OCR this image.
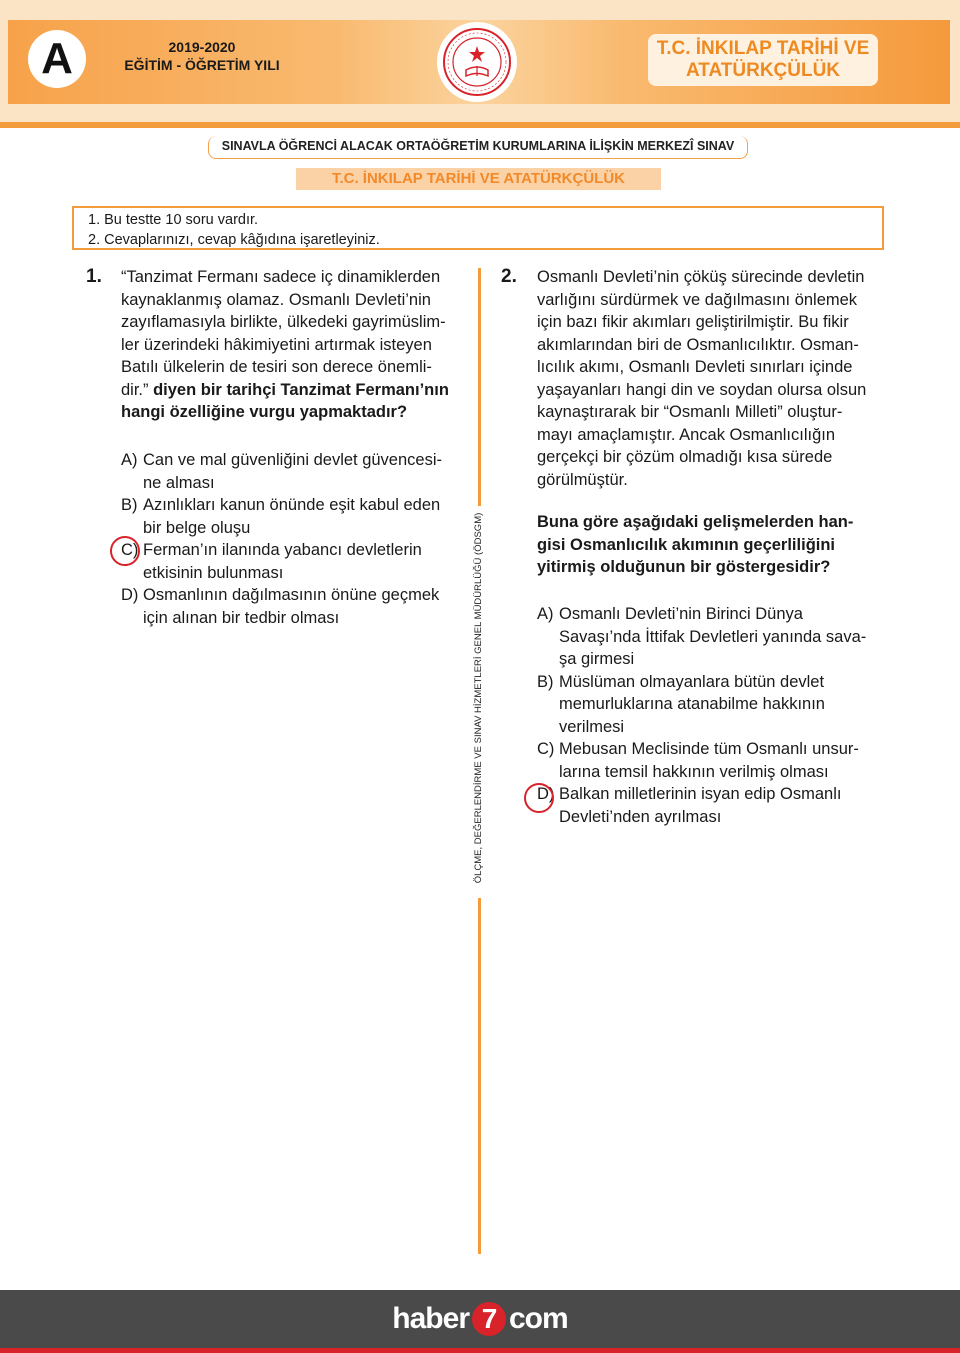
A	2019-2020
EĞİTİM - ÖĞRETİM YILI
T.C. İNKILAP TARİHİ VE
ATATÜRKÇÜLÜK
SINAVLA ÖĞRENCİ ALACAK ORTAÖĞRETİM KURUMLARINA İLİŞKİN MERKEZÎ SINAV
T.C. İNKILAP TARİHİ VE ATATÜRKÇÜLÜK
1. Bu testte 10 soru vardır.
2. Cevaplarınızı, cevap kâğıdına işaretleyiniz.
ÖLÇME, DEĞERLENDİRME VE SINAV HİZMETLERİ GENEL MÜDÜRLÜĞÜ (ÖDSGM)
1. “Tanzimat Fermanı sadece iç dinamiklerden
kaynaklanmış olamaz. Osmanlı Devleti’nin
zayıflamasıyla birlikte, ülkedeki gayrimüslim-
ler üzerindeki hâkimiyetini artırmak isteyen
Batılı ülkelerin de tesiri son derece önemli-
dir.” diyen bir tarihçi Tanzimat Fermanı’nın
hangi özelliğine vurgu yapmaktadır?
A) Can ve mal güvenliğini devlet güvencesi-
ne alması
B) Azınlıkları kanun önünde eşit kabul eden
bir belge oluşu
C) Ferman’ın ilanında yabancı devletlerin
etkisinin bulunması
D) Osmanlının dağılmasının önüne geçmek
için alınan bir tedbir olması
2. Osmanlı Devleti’nin çöküş sürecinde devletin
varlığını sürdürmek ve dağılmasını önlemek
için bazı fikir akımları geliştirilmiştir. Bu fikir
akımlarından biri de Osmanlıcılıktır. Osman-
lıcılık akımı, Osmanlı Devleti sınırları içinde
yaşayanları hangi din ve soydan olursa olsun
kaynaştırarak bir “Osmanlı Milleti” oluştur-
mayı amaçlamıştır. Ancak Osmanlıcılığın
gerçekçi bir çözüm olmadığı kısa sürede
görülmüştür.
Buna göre aşağıdaki gelişmelerden han-
gisi Osmanlıcılık akımının geçerliliğini
yitirmiş olduğunun bir göstergesidir?
A) Osmanlı Devleti’nin Birinci Dünya
Savaşı’nda İttifak Devletleri yanında sava-
şa girmesi
B) Müslüman olmayanlara bütün devlet
memurluklarına atanabilme hakkının
verilmesi
C) Mebusan Meclisinde tüm Osmanlı unsur-
larına temsil hakkının verilmiş olması
D) Balkan milletlerinin isyan edip Osmanlı
Devleti’nden ayrılması
haber 7 com
